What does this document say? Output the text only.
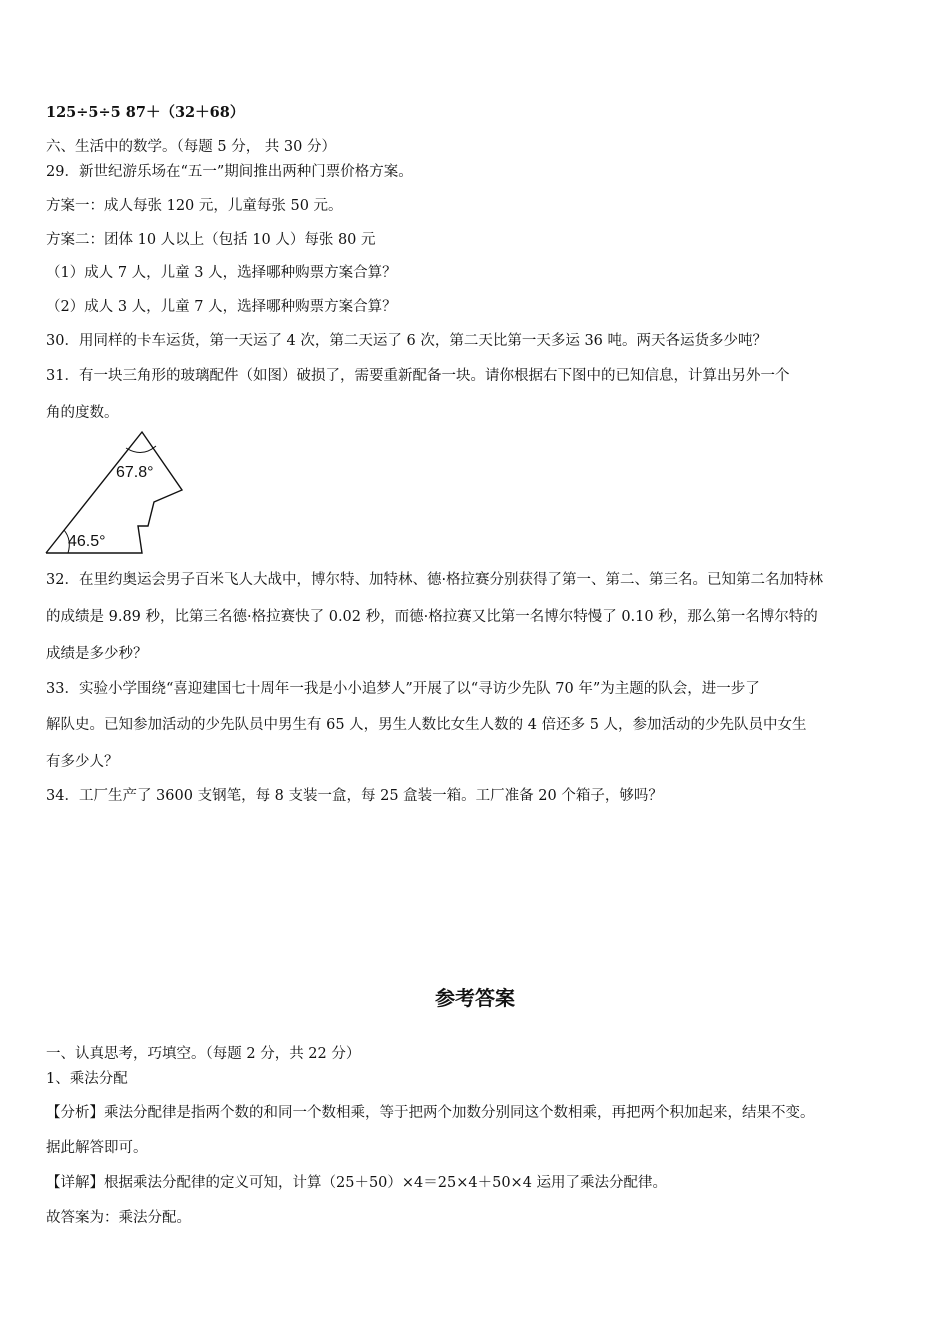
125÷5÷5 87＋（32＋68）
六、生活中的数学。（每题 5 分， 共 30 分）
29．新世纪游乐场在“五一”期间推出两种门票价格方案。
方案一：成人每张 120 元，儿童每张 50 元。
方案二：团体 10 人以上（包括 10 人）每张 80 元
（1）成人 7 人，儿童 3 人，选择哪种购票方案合算？
（2）成人 3 人，儿童 7 人，选择哪种购票方案合算？
30．用同样的卡车运货，第一天运了 4 次，第二天运了 6 次，第二天比第一天多运 36 吨。两天各运货多少吨？
31．有一块三角形的玻璃配件（如图）破损了，需要重新配备一块。请你根据右下图中的已知信息，计算出另外一个
角的度数。
67.8°
46.5°
32．在里约奥运会男子百米飞人大战中，博尔特、加特林、德·格拉赛分别获得了第一、第二、第三名。已知第二名加特林
的成绩是 9.89 秒，比第三名德·格拉赛快了 0.02 秒，而德·格拉赛又比第一名博尔特慢了 0.10 秒，那么第一名博尔特的
成绩是多少秒？
33．实验小学围绕“喜迎建国七十周年一我是小小追梦人”开展了以“寻访少先队 70 年”为主题的队会，进一步了
解队史。已知参加活动的少先队员中男生有 65 人，男生人数比女生人数的 4 倍还多 5 人，参加活动的少先队员中女生
有多少人？
34．工厂生产了 3600 支钢笔，每 8 支装一盒，每 25 盒装一箱。工厂准备 20 个箱子，够吗？
参考答案
一、认真思考，巧填空。（每题 2 分，共 22 分）
1、乘法分配
【分析】乘法分配律是指两个数的和同一个数相乘，等于把两个加数分别同这个数相乘，再把两个积加起来，结果不变。
据此解答即可。
【详解】根据乘法分配律的定义可知，计算（25＋50）×4＝25×4＋50×4 运用了乘法分配律。
故答案为：乘法分配。
